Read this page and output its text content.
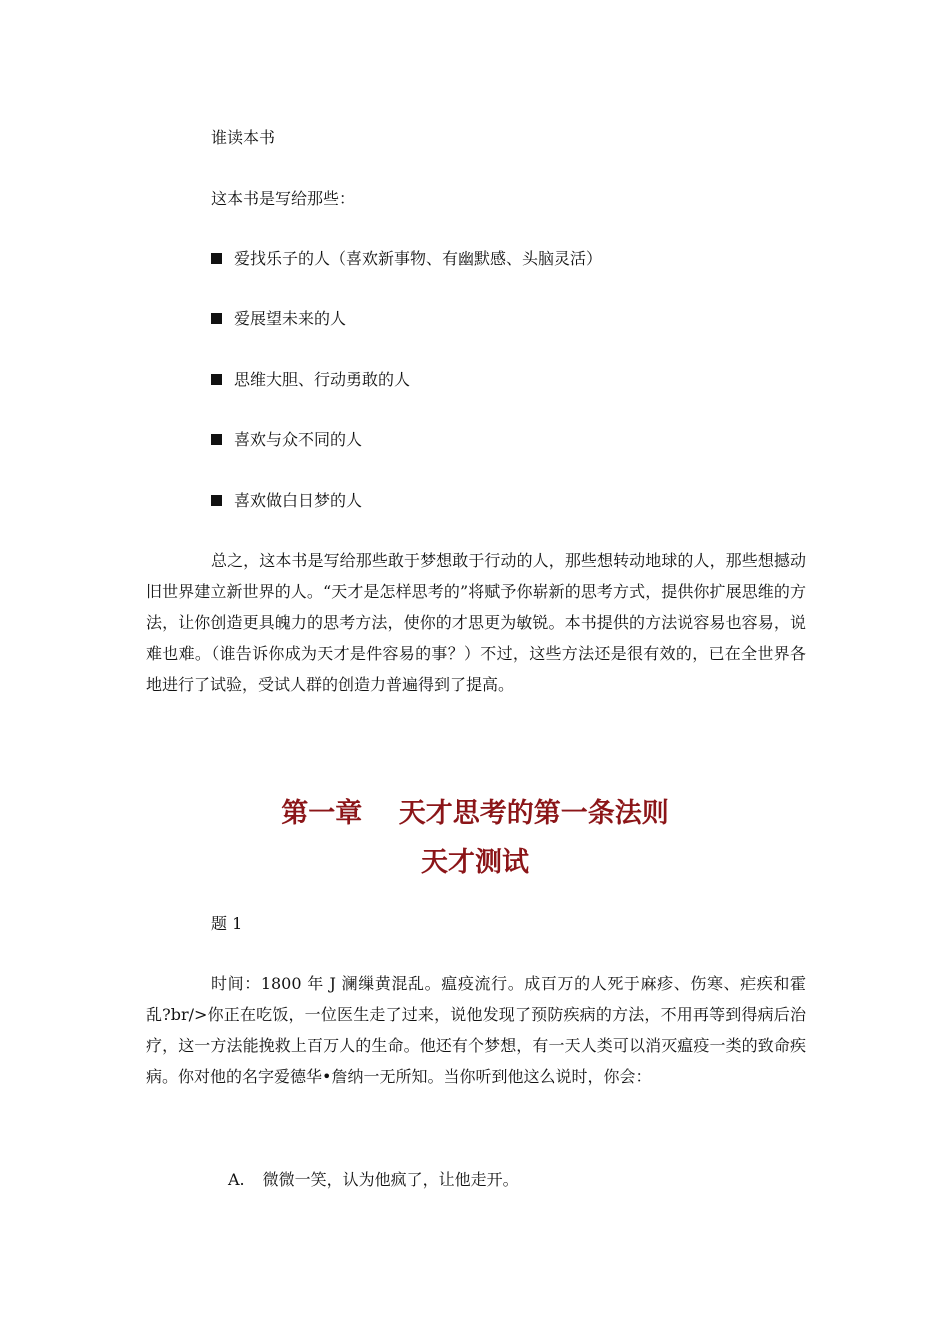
谁读本书
这本书是写给那些：
爱找乐子的人（喜欢新事物、有幽默感、头脑灵活）
爱展望未来的人
思维大胆、行动勇敢的人
喜欢与众不同的人
喜欢做白日梦的人
总之，这本书是写给那些敢于梦想敢于行动的人，那些想转动地球的人，那些想撼动旧世界建立新世界的人。“天才是怎样思考的”将赋予你崭新的思考方式，提供你扩展思维的方法，让你创造更具魄力的思考方法，使你的才思更为敏锐。本书提供的方法说容易也容易，说难也难。（谁告诉你成为天才是件容易的事？）不过，这些方法还是很有效的，已在全世界各地进行了试验，受试人群的创造力普遍得到了提高。
第一章　 天才思考的第一条法则
天才测试
题 1
时间：1800 年 J 澜缫黄混乱。瘟疫流行。成百万的人死于麻疹、伤寒、疟疾和霍乱?br/>你正在吃饭，一位医生走了过来，说他发现了预防疾病的方法，不用再等到得病后治疗，这一方法能挽救上百万人的生命。他还有个梦想，有一天人类可以消灭瘟疫一类的致命疾病。你对他的名字爱德华•詹纳一无所知。当你听到他这么说时，你会：
A. 微微一笑，认为他疯了，让他走开。
